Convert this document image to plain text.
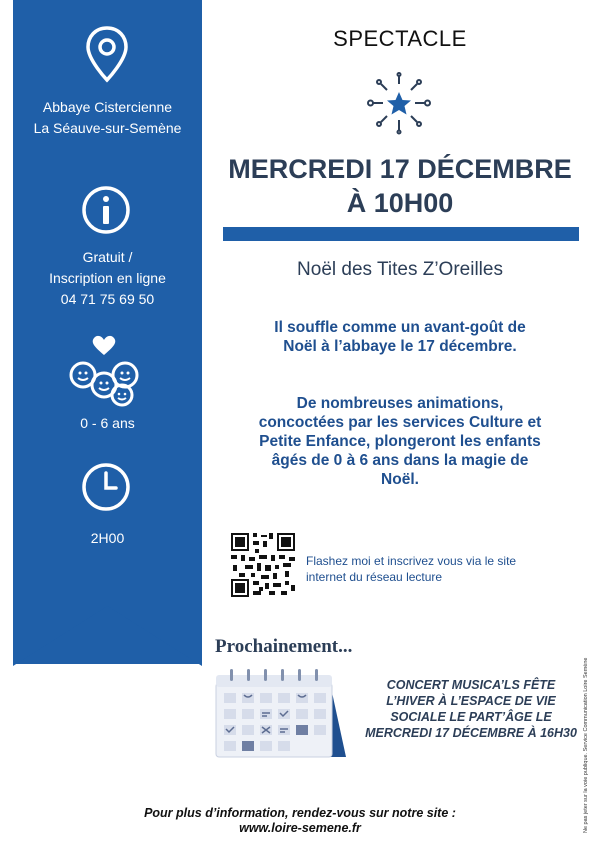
Abbaye Cistercienne
La Séauve-sur-Semène
Gratuit /
Inscription en ligne
04 71 75 69 50
0 - 6 ans
2H00
SPECTACLE
MERCREDI 17 DÉCEMBRE
À 10H00
Noël des Tites Z’Oreilles
Il souffle comme un avant-goût de
Noël à l’abbaye le 17 décembre.
De nombreuses animations,
concoctées par les services Culture et
Petite Enfance, plongeront les enfants
âgés de 0 à 6 ans dans la magie de
Noël.
Flashez moi et inscrivez vous via le site
internet du réseau lecture
Prochainement...
CONCERT MUSICA’LS FÊTE
L’HIVER À L’ESPACE DE VIE
SOCIALE LE PART’ÂGE LE
MERCREDI 17 DÉCEMBRE À 16H30
Pour plus d’information, rendez-vous sur notre site :
www.loire-semene.fr	Ne pas jeter sur la voie publique. Service Communication Loire Semène
